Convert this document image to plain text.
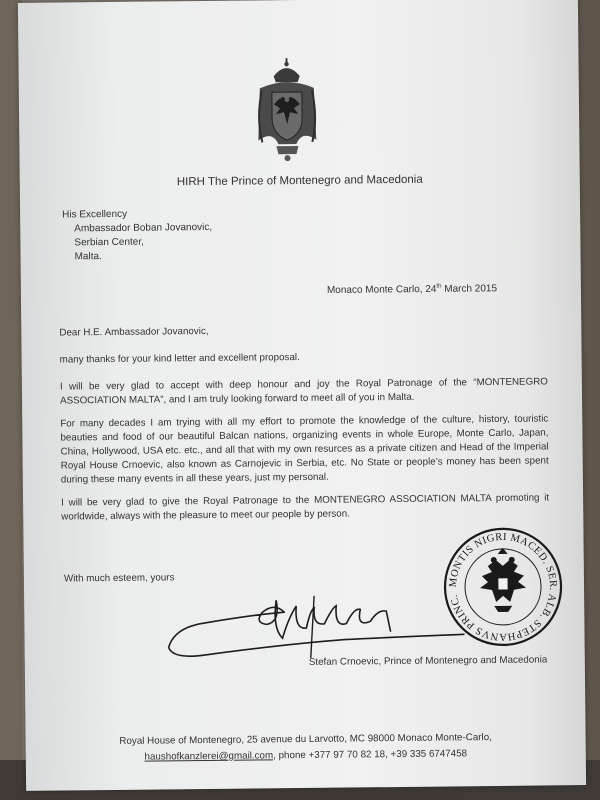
HIRH The Prince of Montenegro and Macedonia
His Excellency
Ambassador Boban Jovanovic,
Serbian Center,
Malta.
Monaco Monte Carlo, 24th March 2015

Dear H.E. Ambassador Jovanovic,

many thanks for your kind letter and excellent proposal.

I will be very glad to accept with deep honour and joy the Royal Patronage of the “MONTENEGRO ASSOCIATION MALTA”, and I am truly looking forward to meet all of you in Malta.

For many decades I am trying with all my effort to promote the knowledge of the culture, history, touristic beauties and food of our beautiful Balcan nations, organizing events in whole Europe, Monte Carlo, Japan, China, Hollywood, USA etc. etc., and all that with my own resurces as a private citizen and Head of the Imperial Royal House Crnoevic, also known as Carnojevic in Serbia, etc. No State or people’s money has been spent during these many events in all these years, just my personal.

I will be very glad to give the Royal Patronage to the MONTENEGRO ASSOCIATION MALTA promoting it worldwide, always with the pleasure to meet our people by person.

With much esteem, yours
Stefan Crnoevic, Prince of Montenegro and Macedonia
MONTIS NIGRI MACED. SER. ALB. STEPHANVS PRINC.
Royal House of Montenegro, 25 avenue du Larvotto, MC 98000 Monaco Monte-Carlo,
haushofkanzlerei@gmail.com, phone +377 97 70 82 18, +39 335 6747458
